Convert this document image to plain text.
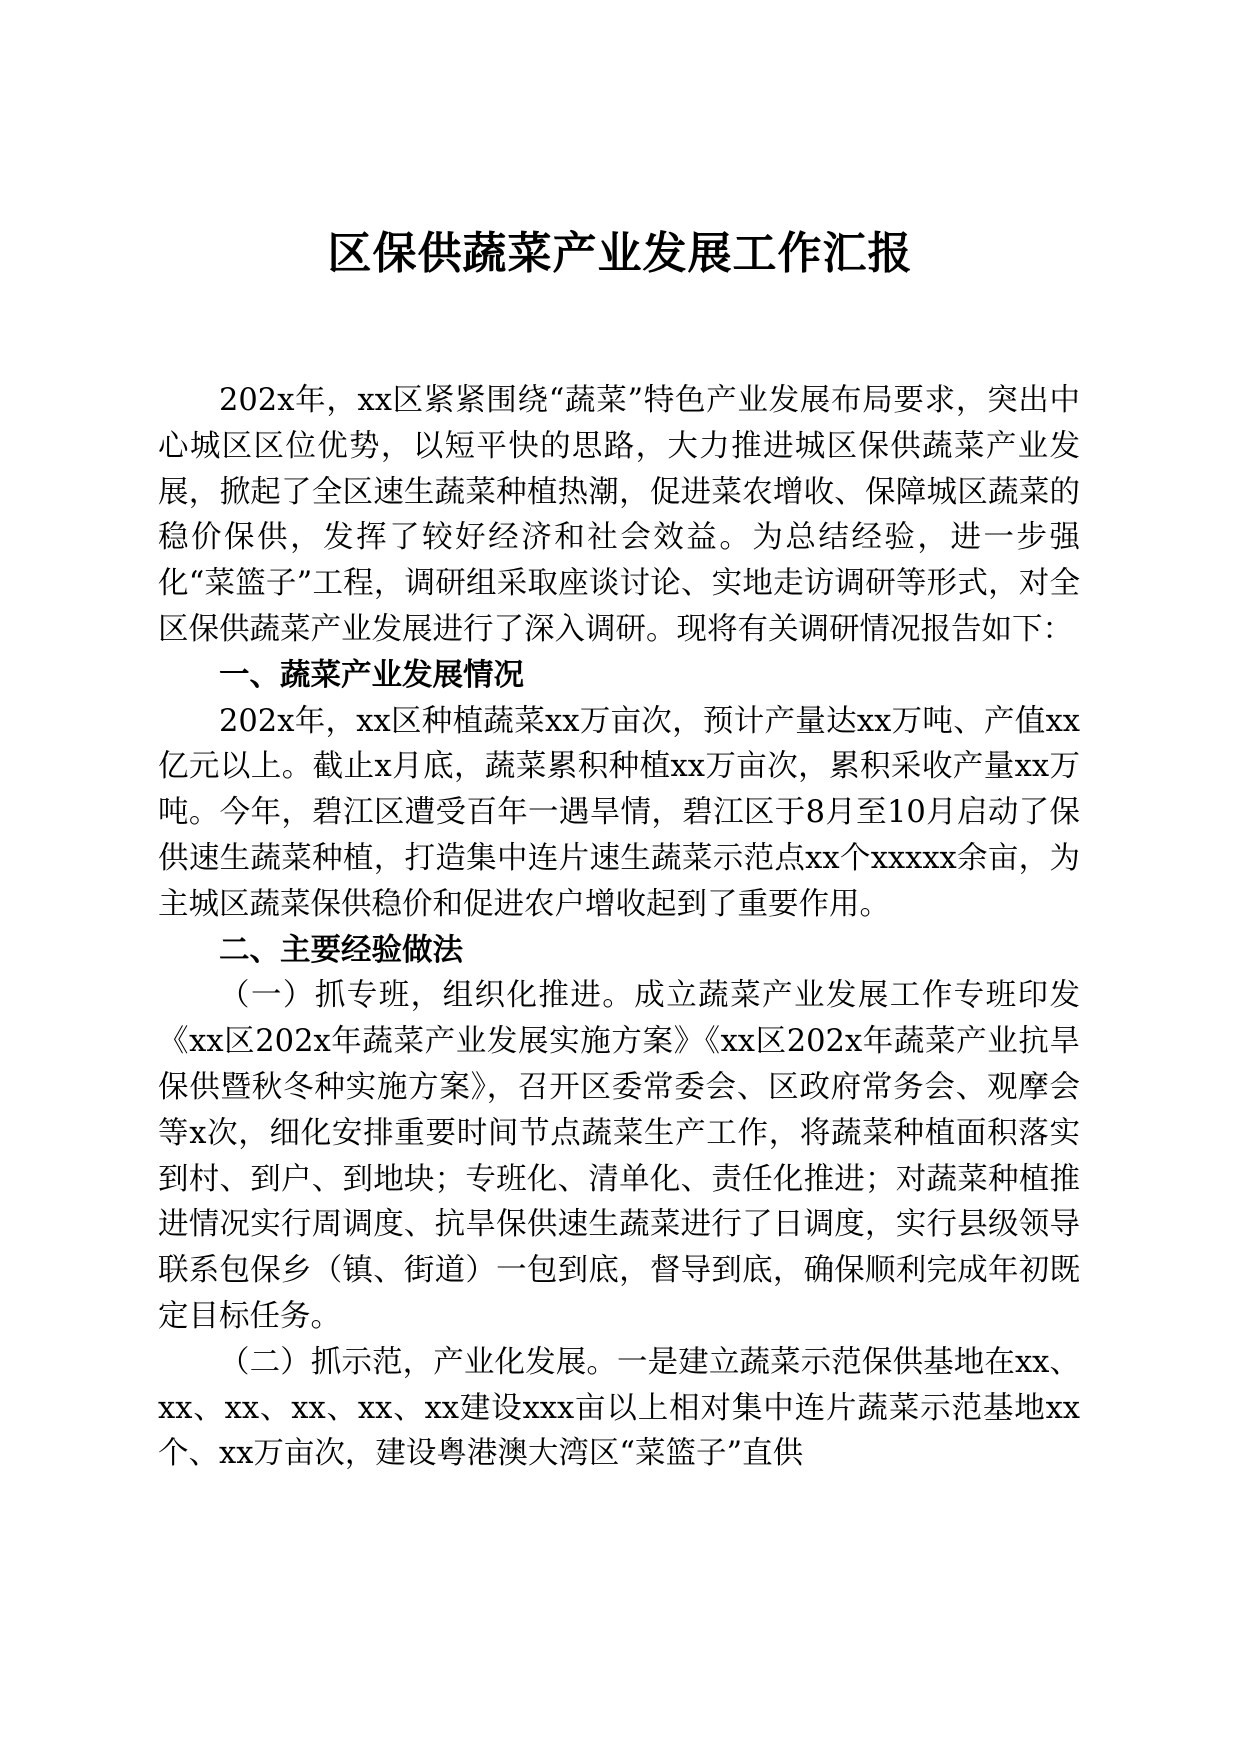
区保供蔬菜产业发展工作汇报

202x年，xx区紧紧围绕“蔬菜”特色产业发展布局要求，突出中心城区区位优势，以短平快的思路，大力推进城区保供蔬菜产业发展，掀起了全区速生蔬菜种植热潮，促进菜农增收、保障城区蔬菜的稳价保供，发挥了较好经济和社会效益。为总结经验，进一步强化“菜篮子”工程，调研组采取座谈讨论、实地走访调研等形式，对全区保供蔬菜产业发展进行了深入调研。现将有关调研情况报告如下：

一、蔬菜产业发展情况

202x年，xx区种植蔬菜xx万亩次，预计产量达xx万吨、产值xx亿元以上。截止x月底，蔬菜累积种植xx万亩次，累积采收产量xx万吨。今年，碧江区遭受百年一遇旱情，碧江区于8月至10月启动了保供速生蔬菜种植，打造集中连片速生蔬菜示范点xx个xxxxx余亩，为主城区蔬菜保供稳价和促进农户增收起到了重要作用。

二、主要经验做法

（一）抓专班，组织化推进。成立蔬菜产业发展工作专班印发《xx区202x年蔬菜产业发展实施方案》《xx区202x年蔬菜产业抗旱保供暨秋冬种实施方案》，召开区委常委会、区政府常务会、观摩会等x次，细化安排重要时间节点蔬菜生产工作，将蔬菜种植面积落实到村、到户、到地块；专班化、清单化、责任化推进；对蔬菜种植推进情况实行周调度、抗旱保供速生蔬菜进行了日调度，实行县级领导联系包保乡（镇、街道）一包到底，督导到底，确保顺利完成年初既定目标任务。

（二）抓示范，产业化发展。一是建立蔬菜示范保供基地在xx、xx、xx、xx、xx、xx建设xxx亩以上相对集中连片蔬菜示范基地xx个、xx万亩次，建设粤港澳大湾区“菜篮子”直供
